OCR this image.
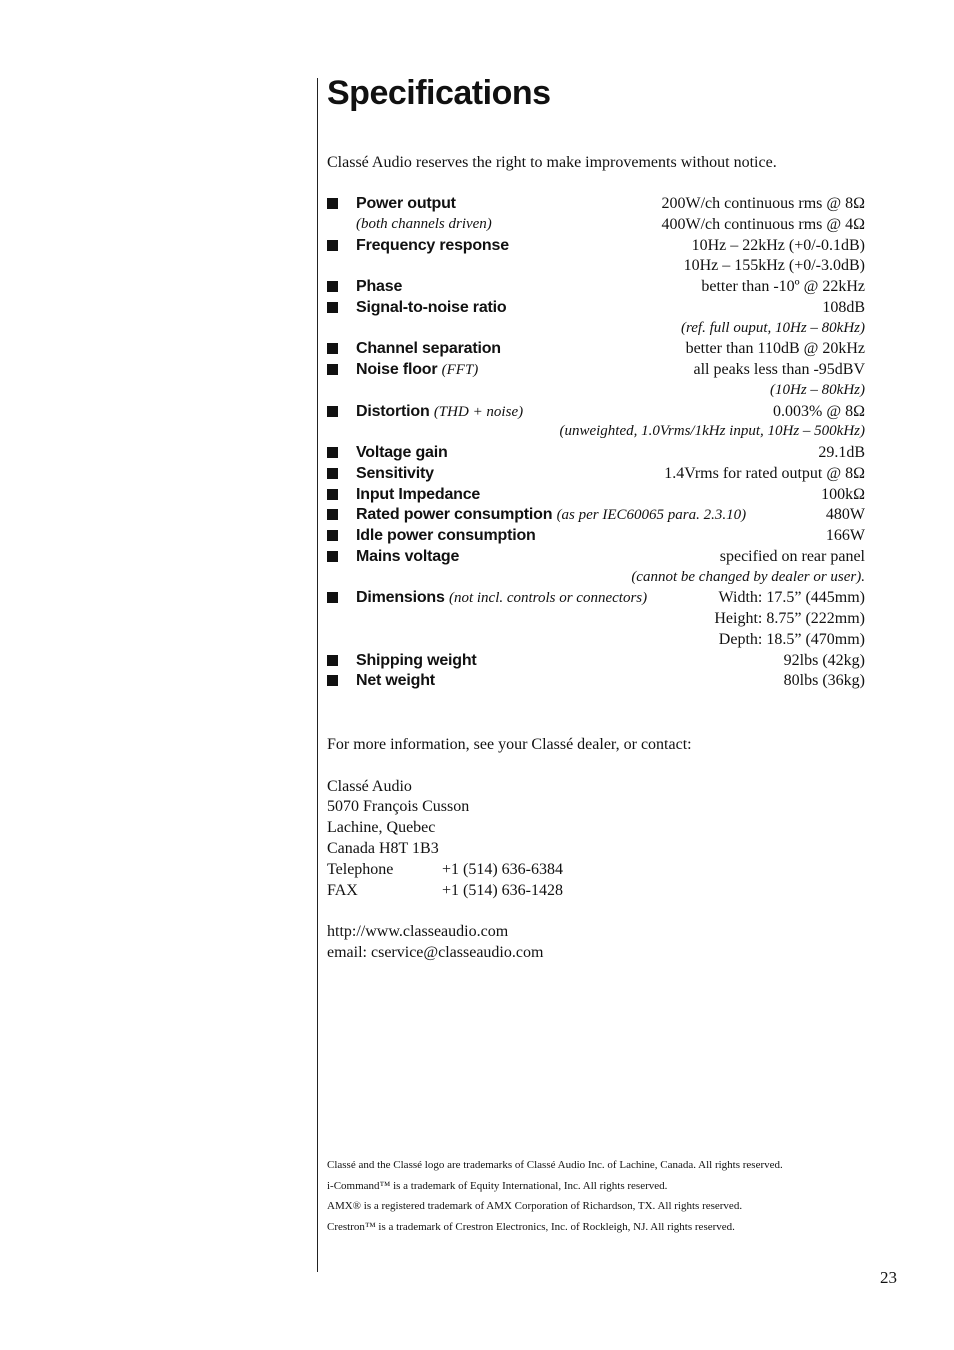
Specifications
Classé Audio reserves the right to make improvements without notice.
Power output	200W/ch continuous rms @ 8Ω
(both channels driven)	400W/ch continuous rms @ 4Ω
Frequency response	10Hz – 22kHz (+0/-0.1dB)
10Hz – 155kHz (+0/-3.0dB)
Phase	better than -10º @ 22kHz
Signal-to-noise ratio	108dB
(ref. full ouput, 10Hz – 80kHz)
Channel separation	better than 110dB @ 20kHz
Noise floor (FFT)	all peaks less than -95dBV
(10Hz – 80kHz)
Distortion (THD + noise)	0.003% @ 8Ω
(unweighted, 1.0Vrms/1kHz input, 10Hz – 500kHz)
Voltage gain	29.1dB
Sensitivity	1.4Vrms for rated output @ 8Ω
Input Impedance	100kΩ
Rated power consumption (as per IEC60065 para. 2.3.10)	480W
Idle power consumption	166W
Mains voltage	specified on rear panel
(cannot be changed by dealer or user).
Dimensions (not incl. controls or connectors)	Width: 17.5” (445mm)
Height: 8.75” (222mm)
Depth: 18.5” (470mm)
Shipping weight	92lbs (42kg)
Net weight	80lbs (36kg)
For more information, see your Classé dealer, or contact:
Classé Audio
5070 François Cusson
Lachine, Quebec
Canada H8T 1B3
Telephone	+1 (514) 636-6384
FAX	+1 (514) 636-1428
http://www.classeaudio.com
email: cservice@classeaudio.com
Classé and the Classé logo are trademarks of Classé Audio Inc. of Lachine, Canada. All rights reserved.
i-Command™ is a trademark of Equity International, Inc. All rights reserved.
AMX® is a registered trademark of AMX Corporation of Richardson, TX. All rights reserved.
Crestron™ is a trademark of Crestron Electronics, Inc. of Rockleigh, NJ. All rights reserved.
23
